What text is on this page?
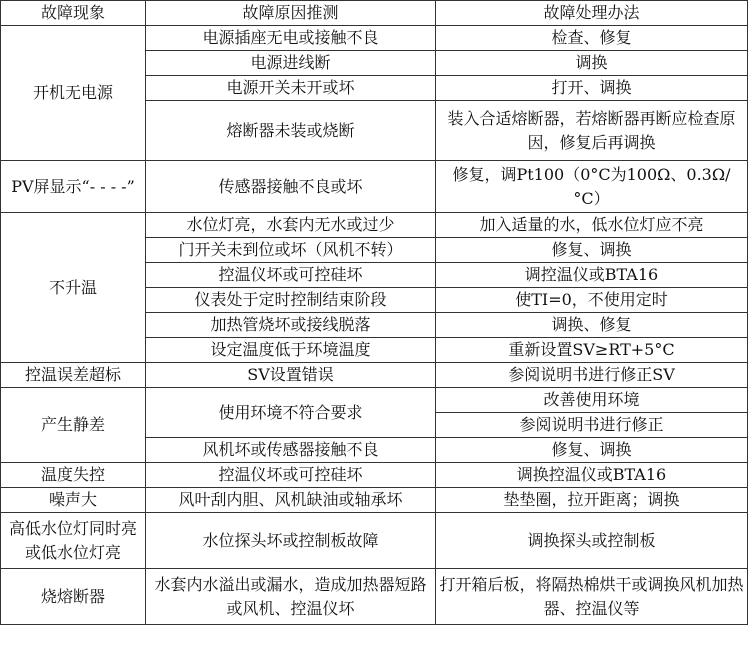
故障现象	故障原因推测	故障处理办法
开机无电源	电源插座无电或接触不良	检查、修复
	电源进线断	调换
	电源开关未开或坏	打开、调换
	熔断器未装或烧断	装入合适熔断器，若熔断器再断应检查原因，修复后再调换
PV屏显示“- - - -”	传感器接触不良或坏	修复，调Pt100（0°C为100Ω、0.3Ω/°C）
不升温	水位灯亮，水套内无水或过少	加入适量的水，低水位灯应不亮
	门开关未到位或坏（风机不转）	修复、调换
	控温仪坏或可控硅坏	调控温仪或BTA16
	仪表处于定时控制结束阶段	使TI=0，不使用定时
	加热管烧坏或接线脱落	调换、修复
	设定温度低于环境温度	重新设置SV≥RT+5°C
控温误差超标	SV设置错误	参阅说明书进行修正SV
产生静差	使用环境不符合要求	改善使用环境
		参阅说明书进行修正
	风机坏或传感器接触不良	修复、调换
温度失控	控温仪坏或可控硅坏	调换控温仪或BTA16
噪声大	风叶刮内胆、风机缺油或轴承坏	垫垫圈，拉开距离；调换
高低水位灯同时亮或低水位灯亮	水位探头坏或控制板故障	调换探头或控制板
烧熔断器	水套内水溢出或漏水，造成加热器短路或风机、控温仪坏	打开箱后板，将隔热棉烘干或调换风机加热器、控温仪等
